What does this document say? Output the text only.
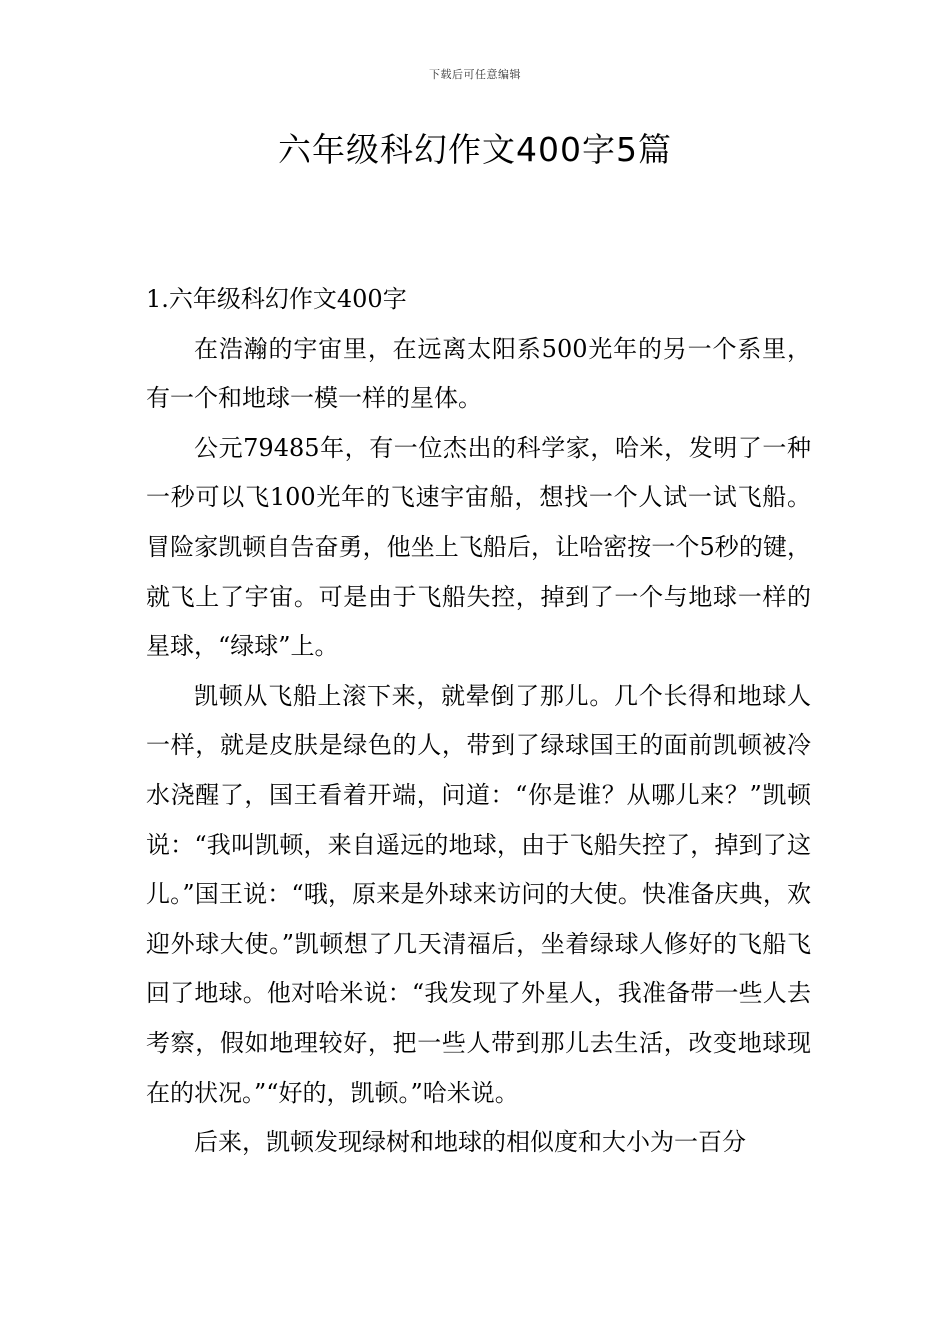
下载后可任意编辑
六年级科幻作文400字5篇
1.六年级科幻作文400字

在浩瀚的宇宙里，在远离太阳系500光年的另一个系里，有一个和地球一模一样的星体。

公元79485年，有一位杰出的科学家，哈米，发明了一种一秒可以飞100光年的飞速宇宙船，想找一个人试一试飞船。冒险家凯顿自告奋勇，他坐上飞船后，让哈密按一个5秒的键，就飞上了宇宙。可是由于飞船失控，掉到了一个与地球一样的星球，“绿球”上。

凯顿从飞船上滚下来，就晕倒了那儿。几个长得和地球人一样，就是皮肤是绿色的人，带到了绿球国王的面前凯顿被冷水浇醒了，国王看着开端，问道：“你是谁？从哪儿来？”凯顿说：“我叫凯顿，来自遥远的地球，由于飞船失控了，掉到了这儿。”国王说：“哦，原来是外球来访问的大使。快准备庆典，欢迎外球大使。”凯顿想了几天清福后，坐着绿球人修好的飞船飞回了地球。他对哈米说：“我发现了外星人，我准备带一些人去考察，假如地理较好，把一些人带到那儿去生活，改变地球现在的状况。”“好的，凯顿。”哈米说。

后来，凯顿发现绿树和地球的相似度和大小为一百分
